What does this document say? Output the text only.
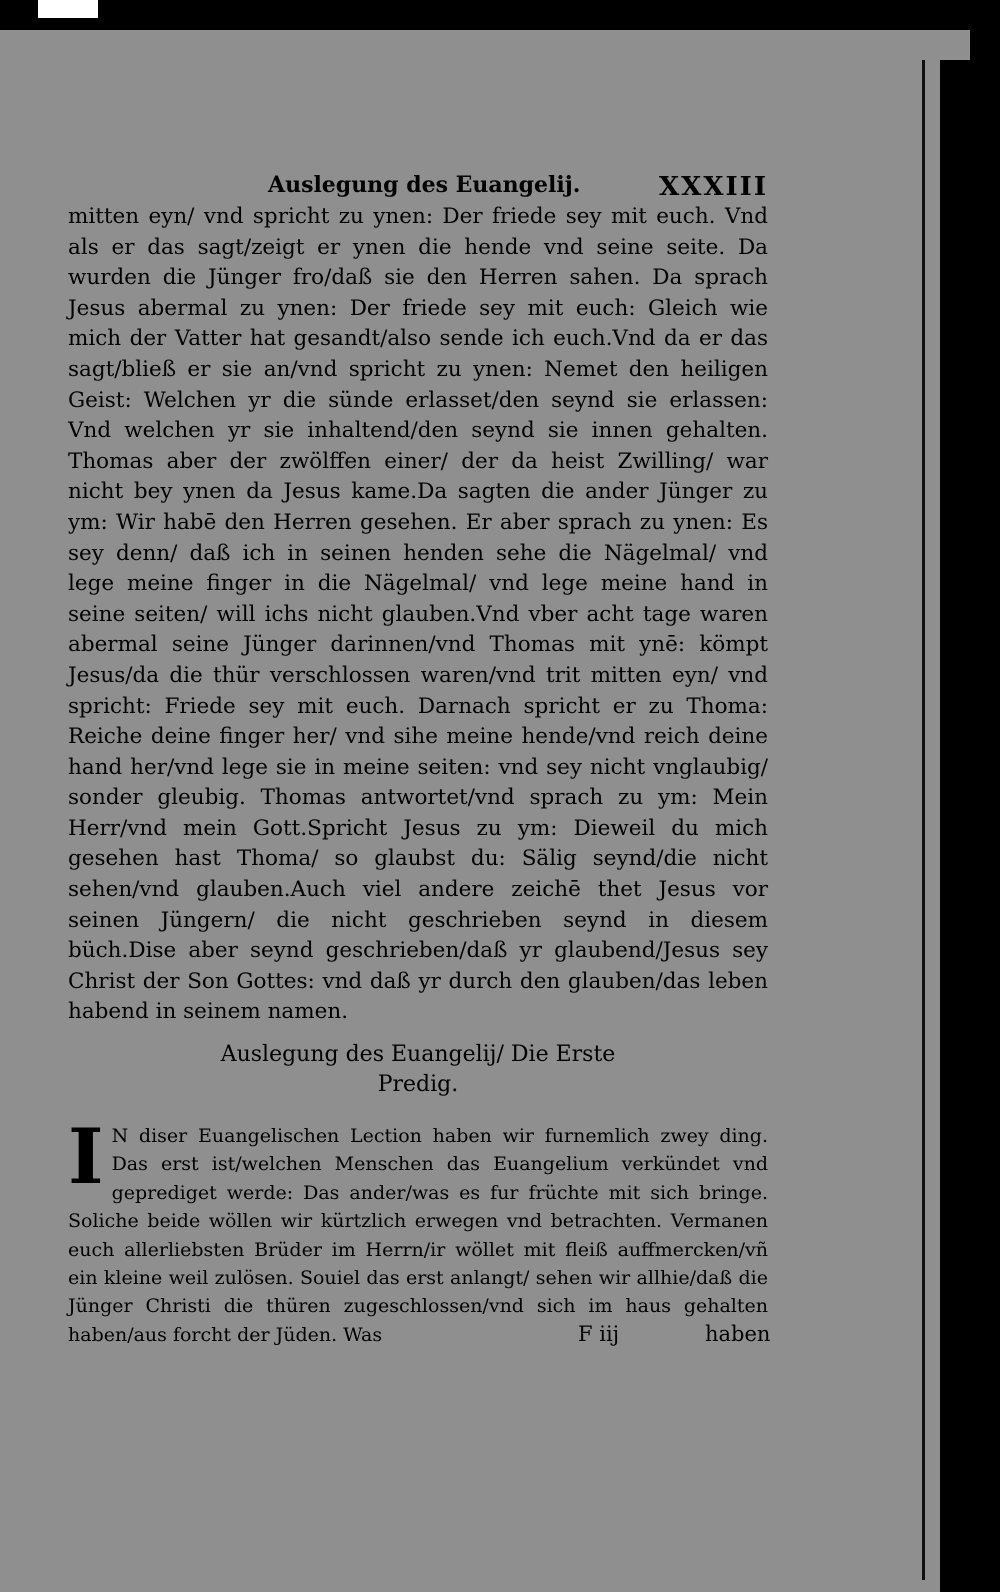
Auslegung des Euangelij.	XXXIII
mitten eyn/ vnd spricht zu ynen: Der friede sey mit euch. Vnd als er das sagt/zeigt er ynen die hende vnd seine seite. Da wurden die Jünger fro/daß sie den Herren sahen. Da sprach Jesus abermal zu ynen: Der friede sey mit euch: Gleich wie mich der Vatter hat gesandt/also sende ich euch.Vnd da er das sagt/bließ er sie an/vnd spricht zu ynen: Nemet den heiligen Geist: Welchen yr die sünde erlasset/den seynd sie erlassen: Vnd welchen yr sie inhaltend/den seynd sie innen gehalten. Thomas aber der zwölffen einer/ der da heist Zwilling/ war nicht bey ynen da Jesus kame.Da sagten die ander Jünger zu ym: Wir habē den Herren gesehen. Er aber sprach zu ynen: Es sey denn/ daß ich in seinen henden sehe die Nägelmal/ vnd lege meine finger in die Nägelmal/ vnd lege meine hand in seine seiten/ will ichs nicht glauben.Vnd vber acht tage waren abermal seine Jünger darinnen/vnd Thomas mit ynē: kömpt Jesus/da die thür verschlossen waren/vnd trit mitten eyn/ vnd spricht: Friede sey mit euch. Darnach spricht er zu Thoma: Reiche deine finger her/ vnd sihe meine hende/vnd reich deine hand her/vnd lege sie in meine seiten: vnd sey nicht vnglaubig/ sonder gleubig. Thomas antwortet/vnd sprach zu ym: Mein Herr/vnd mein Gott.Spricht Jesus zu ym: Dieweil du mich gesehen hast Thoma/ so glaubst du: Sälig seynd/die nicht sehen/vnd glauben.Auch viel andere zeichē thet Jesus vor seinen Jüngern/ die nicht geschrieben seynd in diesem büch.Dise aber seynd geschrieben/daß yr glaubend/Jesus sey Christ der Son Gottes: vnd daß yr durch den glauben/das leben habend in seinem namen.
Auslegung des Euangelij/ Die Erste
Predig.
I N diser Euangelischen Lection haben wir furnemlich zwey ding. Das erst ist/welchen Menschen das Euangelium verkündet vnd geprediget werde: Das ander/was es fur früchte mit sich bringe. Soliche beide wöllen wir kürtzlich erwegen vnd betrachten. Vermanen euch allerliebsten Brüder im Herrn/ir wöllet mit fleiß auffmercken/vñ ein kleine weil zulösen. Souiel das erst anlangt/ sehen wir allhie/daß die Jünger Christi die thüren zugeschlossen/vnd sich im haus gehalten haben/aus forcht der Jüden. Was	F iij	haben
